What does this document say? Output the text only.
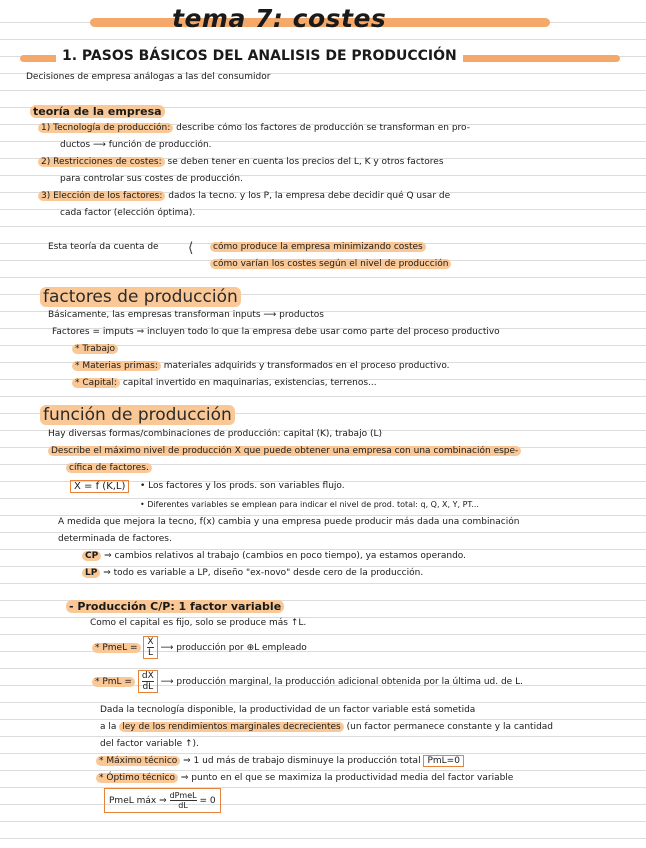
tema 7: costes
1. PASOS BÁSICOS DEL ANALISIS DE PRODUCCIÓN
Decisiones de empresa análogas a las del consumidor
teoría de la empresa
1) Tecnología de producción: describe cómo los factores de producción se transforman en pro-
ductos ⟶ función de producción.
2) Restricciones de costes: se deben tener en cuenta los precios del L, K y otros factores
para controlar sus costes de producción.
3) Elección de los factores: dados la tecno. y los P, la empresa debe decidir qué Q usar de
cada factor (elección óptima).
Esta teoría da cuenta de ⟨	cómo produce la empresa minimizando costes
cómo varían los costes según el nivel de producción
factores de producción
Básicamente, las empresas transforman inputs ⟶ productos
Factores = imputs ⇒ incluyen todo lo que la empresa debe usar como parte del proceso productivo
* Trabajo
* Materias primas: materiales adquirids y transformados en el proceso productivo.
* Capital: capital invertido en maquinarias, existencias, terrenos...
función de producción
Hay diversas formas/combinaciones de producción: capital (K), trabajo (L)
Describe el máximo nivel de producción X que puede obtener una empresa con una combinación espe-
cífica de factores.
X = f (K,L)	• Los factores y los prods. son variables flujo.
• Diferentes variables se emplean para indicar el nivel de prod. total: q, Q, X, Y, PT...
A medida que mejora la tecno, f(x) cambia y una empresa puede producir más dada una combinación
determinada de factores.
CP ⇒ cambios relativos al trabajo (cambios en poco tiempo), ya estamos operando.
LP ⇒ todo es variable a LP, diseño "ex-novo" desde cero de la producción.
- Producción C/P: 1 factor variable
Como el capital es fijo, solo se produce más ↑L.
* PmeL = $\frac{X}{L}$ ⟶ producción por ⊕L empleado
* PmL = $\frac{dX}{dL}$ ⟶ producción marginal, la producción adicional obtenida por la última ud. de L.
Dada la tecnología disponible, la productividad de un factor variable está sometida
a la ley de los rendimientos marginales decrecientes (un factor permanece constante y la cantidad
del factor variable ↑).
* Máximo técnico ⇒ 1 ud más de trabajo disminuye la producción total PmL=0
* Óptimo técnico ⇒ punto en el que se maximiza la productividad media del factor variable
PmeL máx ⇒
dPmeL
dL	= 0
